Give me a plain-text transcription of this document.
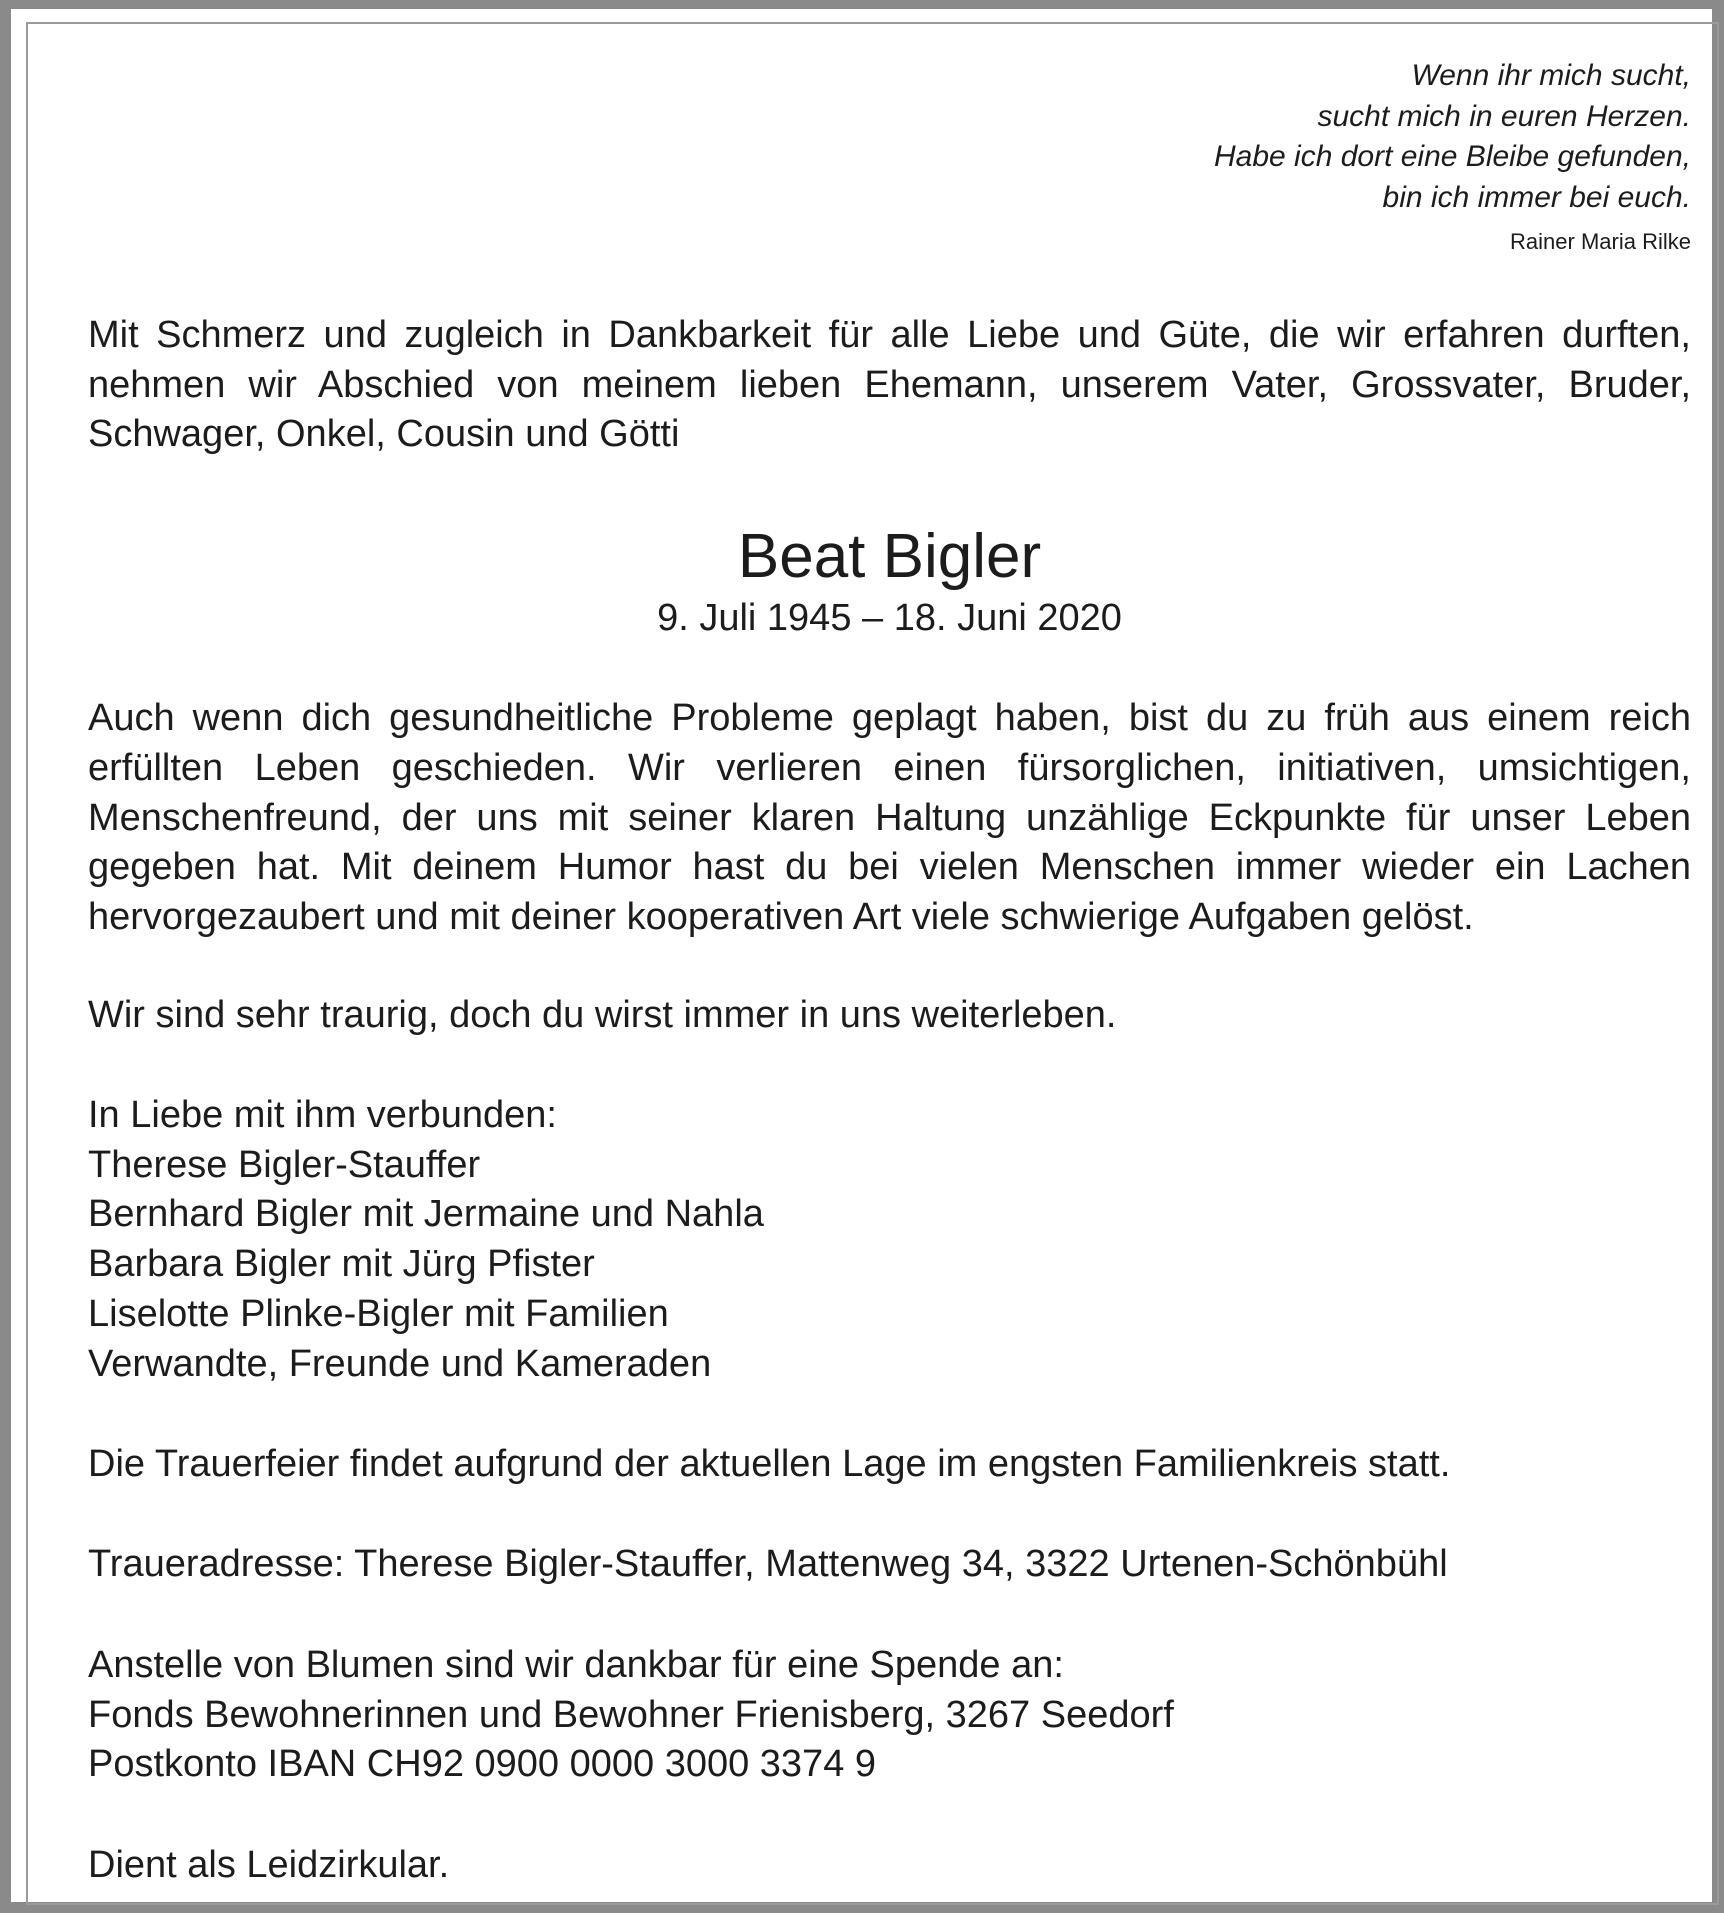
Wenn ihr mich sucht,
sucht mich in euren Herzen.
Habe ich dort eine Bleibe gefunden,
bin ich immer bei euch.
Rainer Maria Rilke
Mit Schmerz und zugleich in Dankbarkeit für alle Liebe und Güte, die wir erfahren durften, nehmen wir Abschied von meinem lieben Ehemann, unserem Vater, Grossvater, Bruder, Schwager, Onkel, Cousin und Götti
Beat Bigler
9. Juli 1945 – 18. Juni 2020
Auch wenn dich gesundheitliche Probleme geplagt haben, bist du zu früh aus einem reich erfüllten Leben geschieden. Wir verlieren einen fürsorglichen, initiativen, umsichtigen, Menschenfreund, der uns mit seiner klaren Haltung unzählige Eckpunkte für unser Leben gegeben hat. Mit deinem Humor hast du bei vielen Menschen immer wieder ein Lachen hervorgezaubert und mit deiner kooperativen Art viele schwierige Aufgaben gelöst.
Wir sind sehr traurig, doch du wirst immer in uns weiterleben.
In Liebe mit ihm verbunden:
Therese Bigler-Stauffer
Bernhard Bigler mit Jermaine und Nahla
Barbara Bigler mit Jürg Pfister
Liselotte Plinke-Bigler mit Familien
Verwandte, Freunde und Kameraden
Die Trauerfeier findet aufgrund der aktuellen Lage im engsten Familienkreis statt.
Traueradresse: Therese Bigler-Stauffer, Mattenweg 34, 3322 Urtenen-Schönbühl
Anstelle von Blumen sind wir dankbar für eine Spende an:
Fonds Bewohnerinnen und Bewohner Frienisberg, 3267 Seedorf
Postkonto IBAN CH92 0900 0000 3000 3374 9
Dient als Leidzirkular.
